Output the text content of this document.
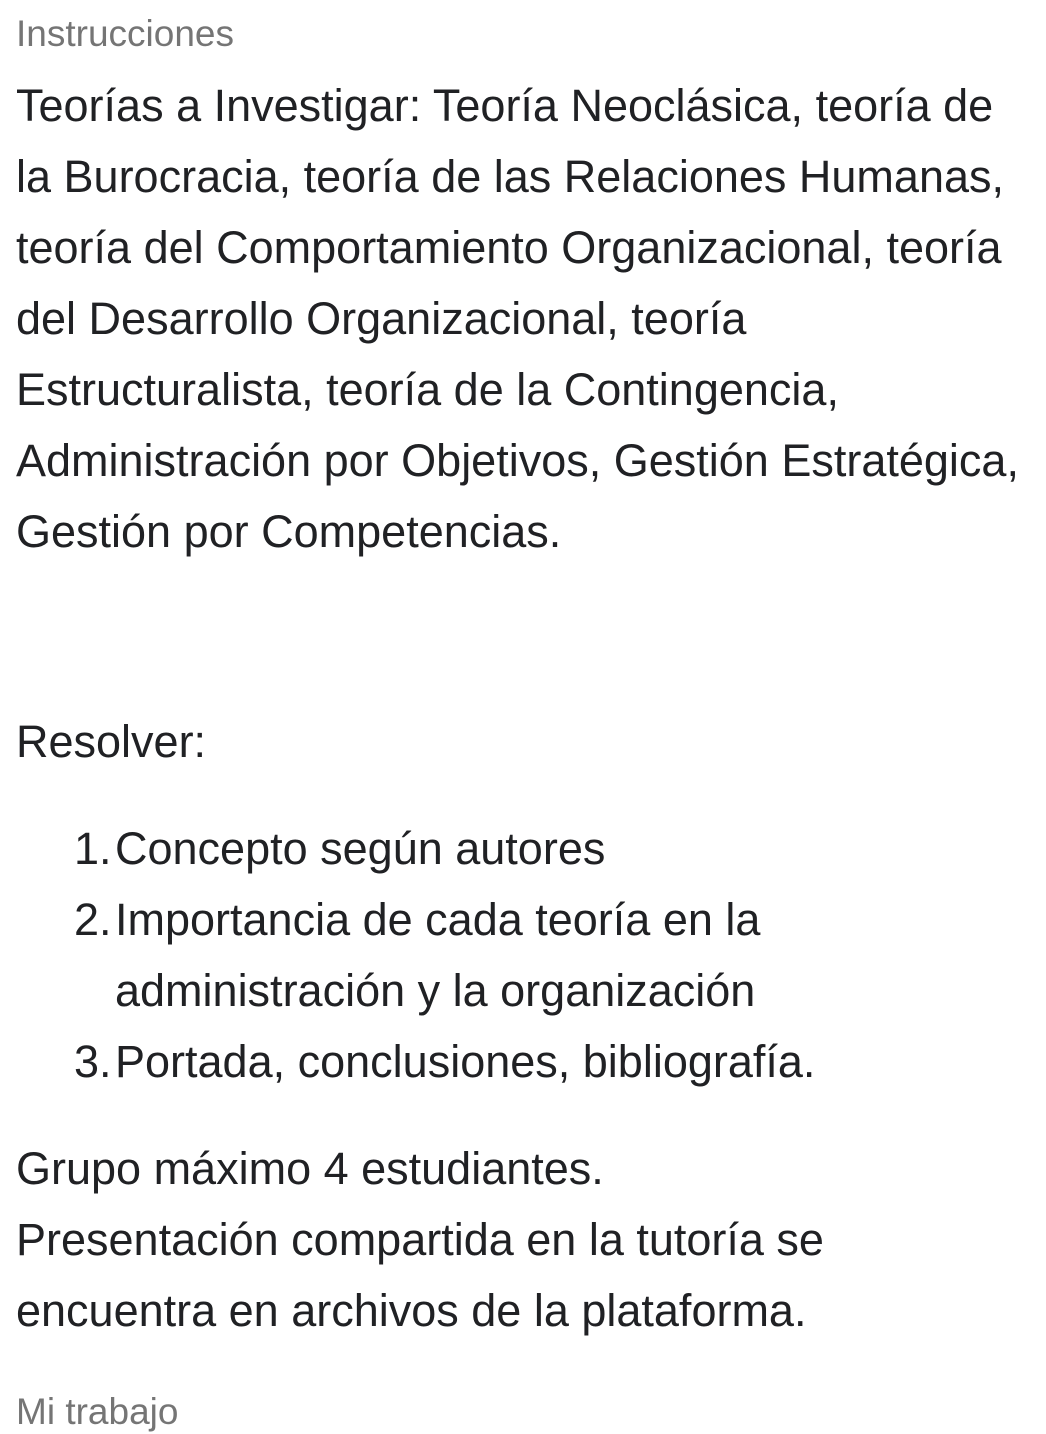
Instrucciones

Teorías a Investigar: Teoría Neoclásica, teoría de la Burocracia, teoría de las Relaciones Humanas, teoría del Comportamiento Organizacional, teoría del Desarrollo Organizacional, teoría Estructuralista, teoría de la Contingencia, Administración por Objetivos, Gestión Estratégica, Gestión por Competencias.

Resolver:

1. Concepto según autores
2. Importancia de cada teoría en la administración y la organización
3. Portada, conclusiones, bibliografía.

Grupo máximo 4 estudiantes.
Presentación compartida en la tutoría se encuentra en archivos de la plataforma.

Mi trabajo
